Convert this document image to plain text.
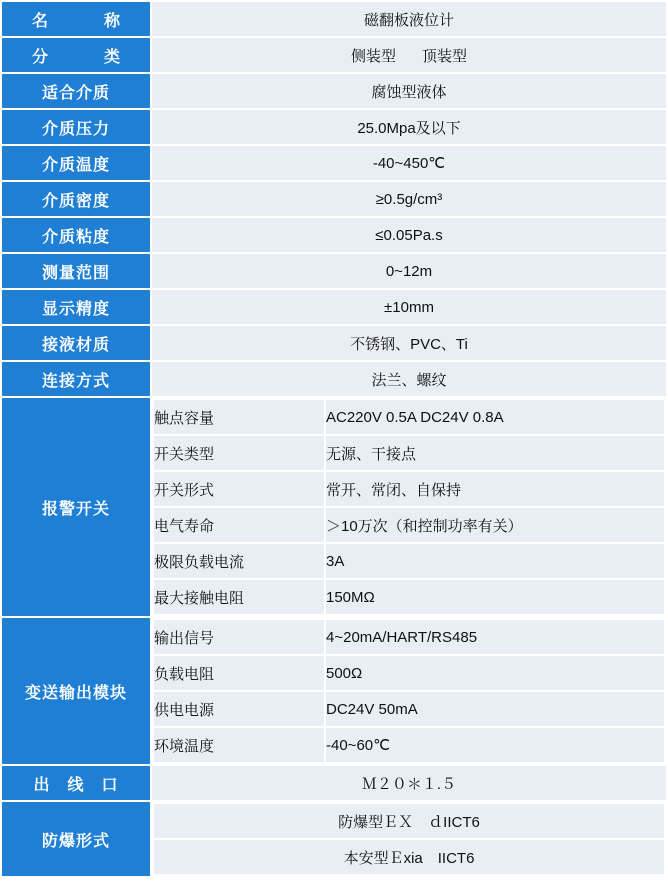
名　　称	磁翻板液位计
分　　类	侧装型 顶装型

适合介质	腐蚀型液体
介质压力	25.0Mpa及以下
介质温度	-40~450℃
介质密度	≥0.5g/cm³
介质粘度	≤0.05Pa.s
测量范围	0~12m
显示精度	±10mm
接液材质	不锈钢、PVC、Ti
连接方式	法兰、螺纹
报警开关	
触点容量	AC220V 0.5A DC24V 0.8A
开关类型	无源、干接点
开关形式	常开、常闭、自保持
电气寿命	＞10万次（和控制功率有关）
极限负载电流	3A
最大接触电阻	150MΩ

变送输出模块	
输出信号	4~20mA/HART/RS485
负载电阻	500Ω
供电电源	DC24V 50mA
环境温度	-40~60℃

出　线　口	Ｍ２０＊１.５
防爆形式	
防爆型ＥＸ　ｄIICT6
本安型Ｅxia　IICT6
